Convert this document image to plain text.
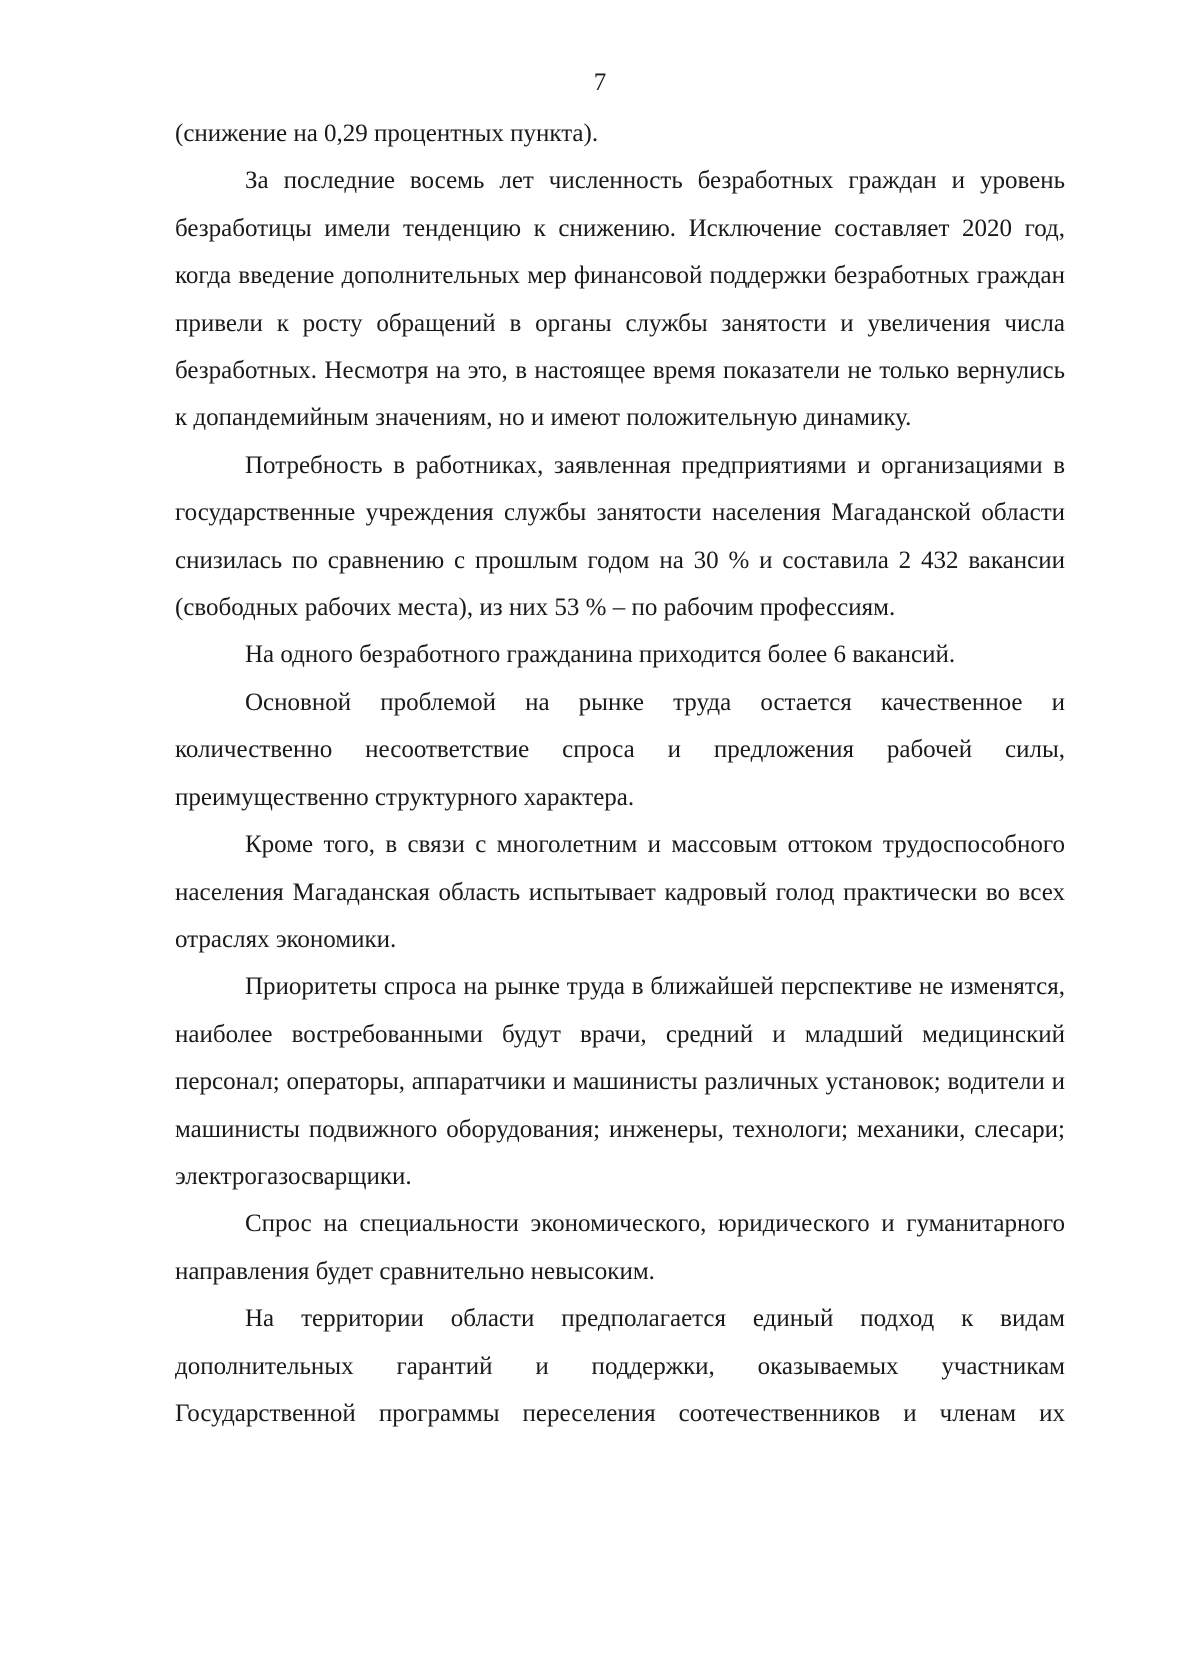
7

(снижение на 0,29 процентных пункта).

За последние восемь лет численность безработных граждан и уровень безработицы имели тенденцию к снижению. Исключение составляет 2020 год, когда введение дополнительных мер финансовой поддержки безработных граждан привели к росту обращений в органы службы занятости и увеличения числа безработных. Несмотря на это, в настоящее время показатели не только вернулись к допандемийным значениям, но и имеют положительную динамику.

Потребность в работниках, заявленная предприятиями и организациями в государственные учреждения службы занятости населения Магаданской области снизилась по сравнению с прошлым годом на 30 % и составила 2 432 вакансии (свободных рабочих места), из них 53 % – по рабочим профессиям.

На одного безработного гражданина приходится более 6 вакансий.

Основной проблемой на рынке труда остается качественное и количественно несоответствие спроса и предложения рабочей силы, преимущественно структурного характера.

Кроме того, в связи с многолетним и массовым оттоком трудоспособного населения Магаданская область испытывает кадровый голод практически во всех отраслях экономики.

Приоритеты спроса на рынке труда в ближайшей перспективе не изменятся, наиболее востребованными будут врачи, средний и младший медицинский персонал; операторы, аппаратчики и машинисты различных установок; водители и машинисты подвижного оборудования; инженеры, технологи; механики, слесари; электрогазосварщики.

Спрос на специальности экономического, юридического и гуманитарного направления будет сравнительно невысоким.

На территории области предполагается единый подход к видам дополнительных гарантий и поддержки, оказываемых участникам Государственной программы переселения соотечественников и членам их
